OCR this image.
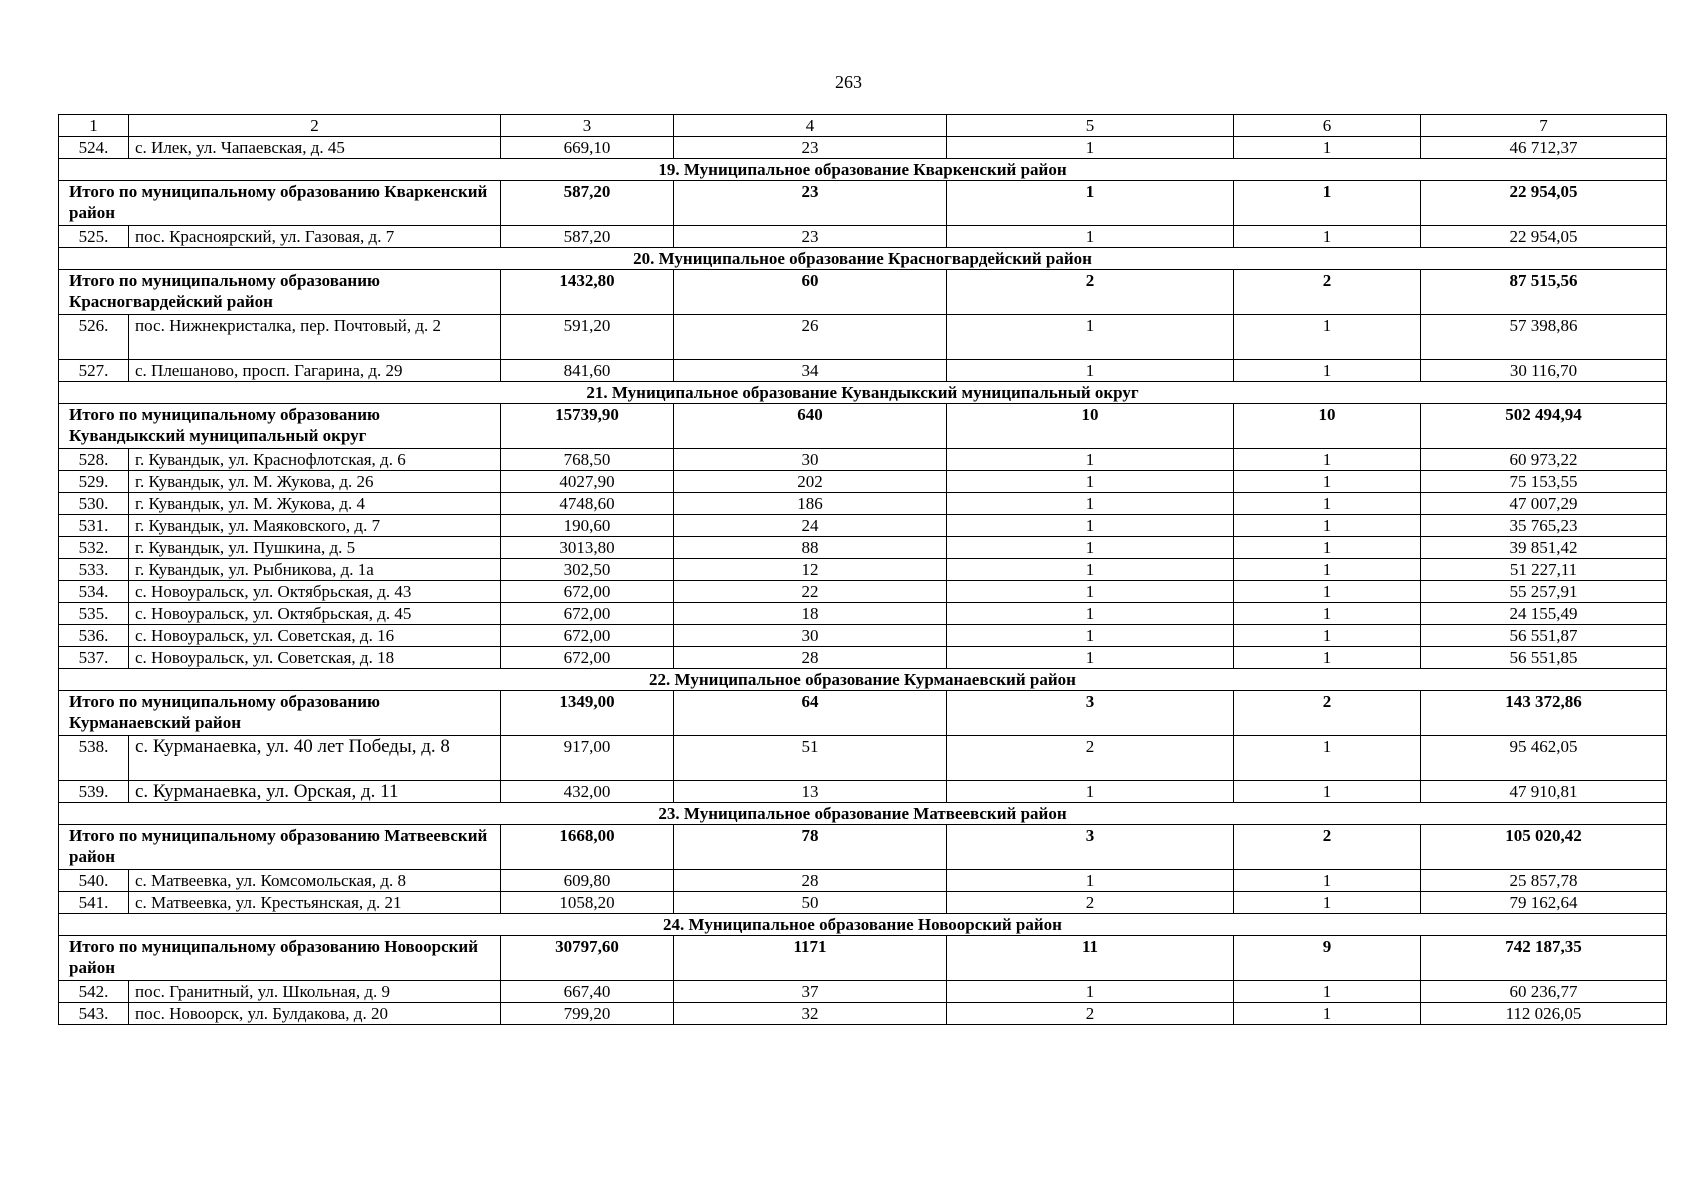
263
1	2	3	4	5	6	7
524.	с. Илек, ул. Чапаевская, д. 45	669,10	23	1	1	46 712,37
19. Муниципальное образование Кваркенский район						
Итого по муниципальному образованию Кваркенский район		587,20	23	1	1	22 954,05
525.	пос. Красноярский, ул. Газовая, д. 7	587,20	23	1	1	22 954,05
20. Муниципальное образование Красногвардейский район						
Итого по муниципальному образованию Красногвардейский район		1432,80	60	2	2	87 515,56
526.	пос. Нижнекристалка, пер. Почтовый, д. 2	591,20	26	1	1	57 398,86
527.	с. Плешаново, просп. Гагарина, д. 29	841,60	34	1	1	30 116,70
21. Муниципальное образование Кувандыкский муниципальный округ						
Итого по муниципальному образованию Кувандыкский муниципальный округ		15739,90	640	10	10	502 494,94
528.	г. Кувандык, ул. Краснофлотская, д. 6	768,50	30	1	1	60 973,22
529.	г. Кувандык, ул. М. Жукова, д. 26	4027,90	202	1	1	75 153,55
530.	г. Кувандык, ул. М. Жукова, д. 4	4748,60	186	1	1	47 007,29
531.	г. Кувандык, ул. Маяковского, д. 7	190,60	24	1	1	35 765,23
532.	г. Кувандык, ул. Пушкина, д. 5	3013,80	88	1	1	39 851,42
533.	г. Кувандык, ул. Рыбникова, д. 1а	302,50	12	1	1	51 227,11
534.	с. Новоуральск, ул. Октябрьская, д. 43	672,00	22	1	1	55 257,91
535.	с. Новоуральск, ул. Октябрьская, д. 45	672,00	18	1	1	24 155,49
536.	с. Новоуральск, ул. Советская, д. 16	672,00	30	1	1	56 551,87
537.	с. Новоуральск, ул. Советская, д. 18	672,00	28	1	1	56 551,85
22. Муниципальное образование Курманаевский район						
Итого по муниципальному образованию Курманаевский район		1349,00	64	3	2	143 372,86
538.	с. Курманаевка, ул. 40 лет Победы, д. 8	917,00	51	2	1	95 462,05
539.	с. Курманаевка, ул. Орская, д. 11	432,00	13	1	1	47 910,81
23. Муниципальное образование Матвеевский район						
Итого по муниципальному образованию Матвеевский район		1668,00	78	3	2	105 020,42
540.	с. Матвеевка, ул. Комсомольская, д. 8	609,80	28	1	1	25 857,78
541.	с. Матвеевка, ул. Крестьянская, д. 21	1058,20	50	2	1	79 162,64
24. Муниципальное образование Новоорский район						
Итого по муниципальному образованию Новоорский район		30797,60	1171	11	9	742 187,35
542.	пос. Гранитный, ул. Школьная, д. 9	667,40	37	1	1	60 236,77
543.	пос. Новоорск, ул. Булдакова, д. 20	799,20	32	2	1	112 026,05
